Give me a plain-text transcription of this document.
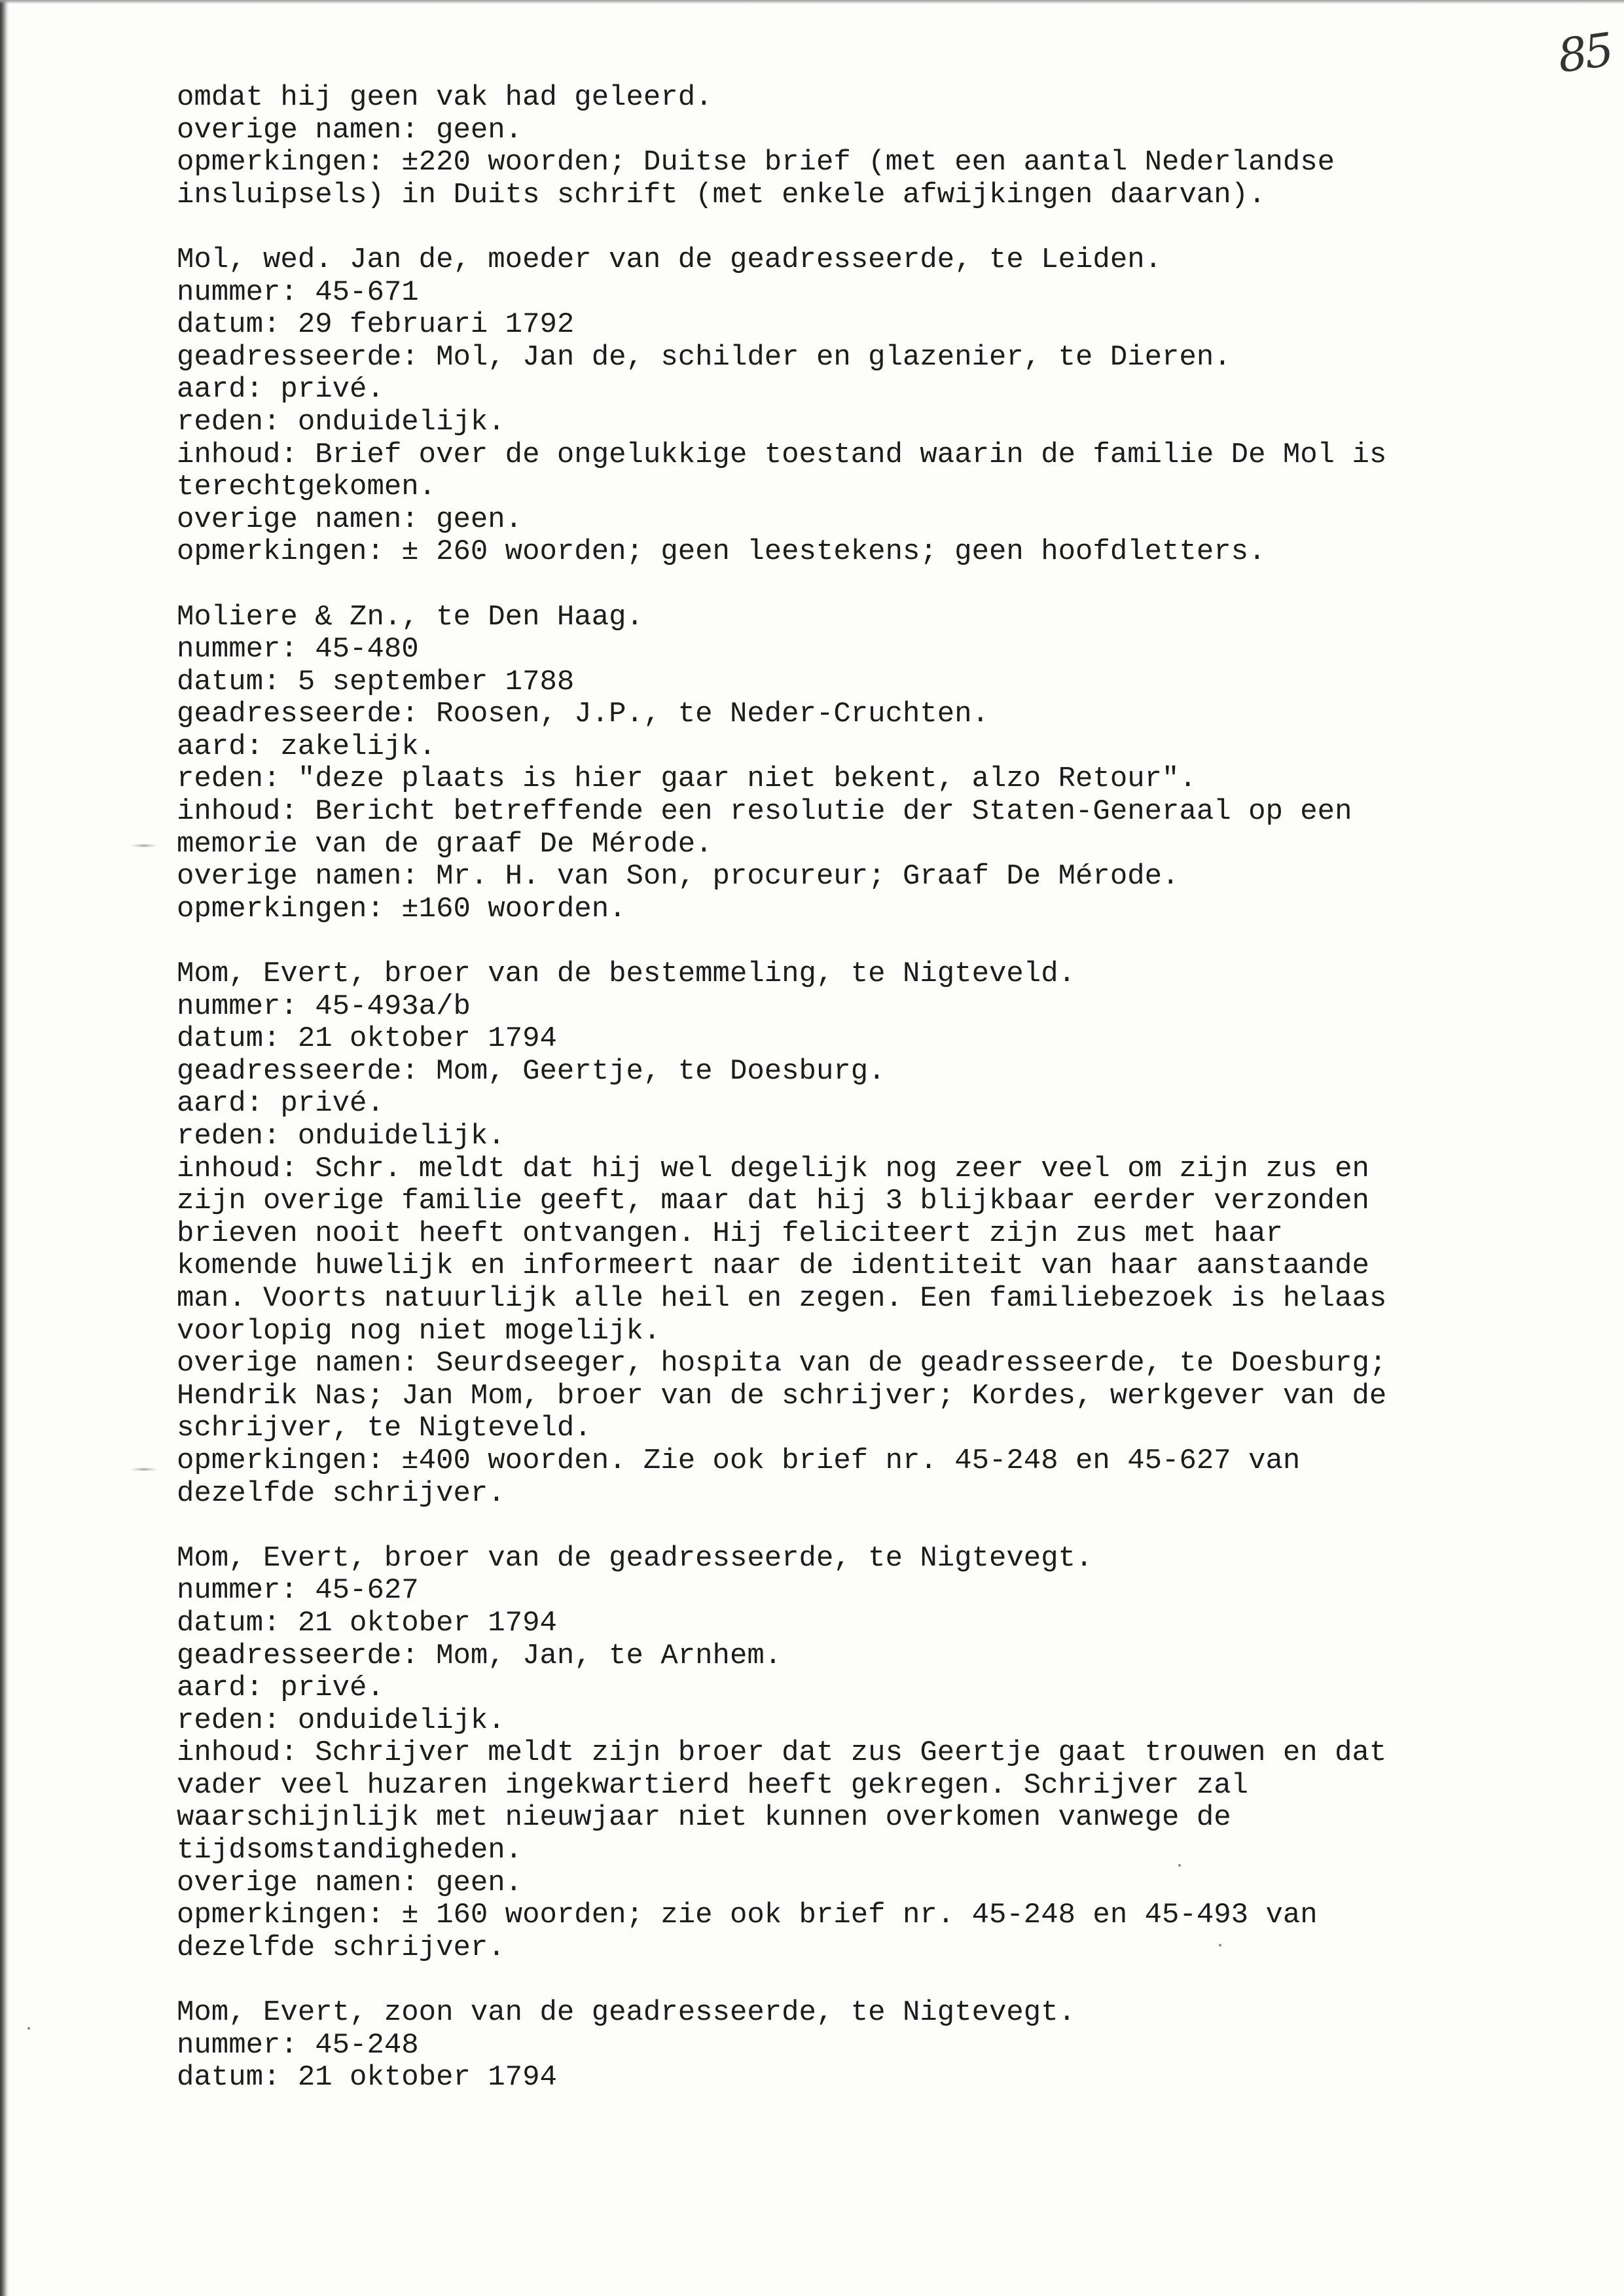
85
omdat hij geen vak had geleerd.
overige namen: geen.
opmerkingen: ±220 woorden; Duitse brief (met een aantal Nederlandse
insluipsels) in Duits schrift (met enkele afwijkingen daarvan).
Mol, wed. Jan de, moeder van de geadresseerde, te Leiden.
nummer: 45-671
datum: 29 februari 1792
geadresseerde: Mol, Jan de, schilder en glazenier, te Dieren.
aard: privé.
reden: onduidelijk.
inhoud: Brief over de ongelukkige toestand waarin de familie De Mol is
terechtgekomen.
overige namen: geen.
opmerkingen: ± 260 woorden; geen leestekens; geen hoofdletters.
Moliere & Zn., te Den Haag.
nummer: 45-480
datum: 5 september 1788
geadresseerde: Roosen, J.P., te Neder-Cruchten.
aard: zakelijk.
reden: "deze plaats is hier gaar niet bekent, alzo Retour".
inhoud: Bericht betreffende een resolutie der Staten-Generaal op een
memorie van de graaf De Mérode.
overige namen: Mr. H. van Son, procureur; Graaf De Mérode.
opmerkingen: ±160 woorden.
Mom, Evert, broer van de bestemmeling, te Nigteveld.
nummer: 45-493a/b
datum: 21 oktober 1794
geadresseerde: Mom, Geertje, te Doesburg.
aard: privé.
reden: onduidelijk.
inhoud: Schr. meldt dat hij wel degelijk nog zeer veel om zijn zus en
zijn overige familie geeft, maar dat hij 3 blijkbaar eerder verzonden
brieven nooit heeft ontvangen. Hij feliciteert zijn zus met haar
komende huwelijk en informeert naar de identiteit van haar aanstaande
man. Voorts natuurlijk alle heil en zegen. Een familiebezoek is helaas
voorlopig nog niet mogelijk.
overige namen: Seurdseeger, hospita van de geadresseerde, te Doesburg;
Hendrik Nas; Jan Mom, broer van de schrijver; Kordes, werkgever van de
schrijver, te Nigteveld.
opmerkingen: ±400 woorden. Zie ook brief nr. 45-248 en 45-627 van
dezelfde schrijver.
Mom, Evert, broer van de geadresseerde, te Nigtevegt.
nummer: 45-627
datum: 21 oktober 1794
geadresseerde: Mom, Jan, te Arnhem.
aard: privé.
reden: onduidelijk.
inhoud: Schrijver meldt zijn broer dat zus Geertje gaat trouwen en dat
vader veel huzaren ingekwartierd heeft gekregen. Schrijver zal
waarschijnlijk met nieuwjaar niet kunnen overkomen vanwege de
tijdsomstandigheden.
overige namen: geen.
opmerkingen: ± 160 woorden; zie ook brief nr. 45-248 en 45-493 van
dezelfde schrijver.
Mom, Evert, zoon van de geadresseerde, te Nigtevegt.
nummer: 45-248
datum: 21 oktober 1794
